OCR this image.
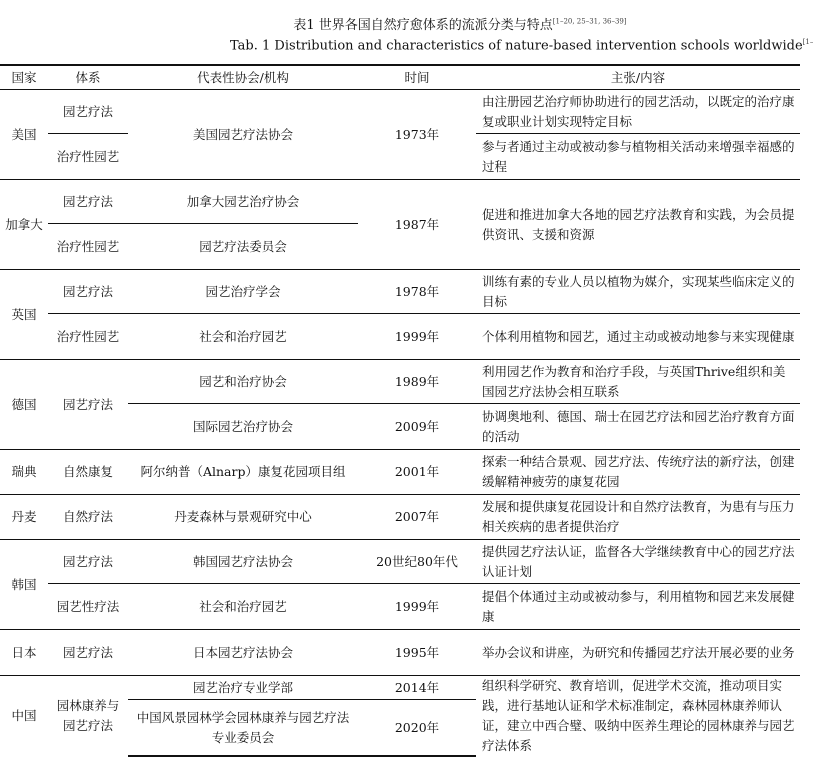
表1 世界各国自然疗愈体系的流派分类与特点[1–20, 25–31, 36–39]
Tab. 1 Distribution and characteristics of nature-based intervention schools worldwide$^{[1-}$
国家	体系	代表性协会/机构	时间	主张/内容
美国	园艺疗法	美国园艺疗法协会	1973年	由注册园艺治疗师协助进行的园艺活动，以既定的治疗康复或职业计划实现特定目标
	治疗性园艺			参与者通过主动或被动参与植物相关活动来增强幸福感的过程
加拿大	园艺疗法	加拿大园艺治疗协会	1987年	促进和推进加拿大各地的园艺疗法教育和实践，为会员提供资讯、支援和资源
	治疗性园艺	园艺疗法委员会		
英国	园艺疗法	园艺治疗学会	1978年	训练有素的专业人员以植物为媒介，实现某些临床定义的目标
	治疗性园艺	社会和治疗园艺	1999年	个体利用植物和园艺，通过主动或被动地参与来实现健康
德国	园艺疗法	园艺和治疗协会	1989年	利用园艺作为教育和治疗手段，与英国Thrive组织和美国园艺疗法协会相互联系
		国际园艺治疗协会	2009年	协调奥地利、德国、瑞士在园艺疗法和园艺治疗教育方面的活动
瑞典	自然康复	阿尔纳普（Alnarp）康复花园项目组	2001年	探索一种结合景观、园艺疗法、传统疗法的新疗法，创建缓解精神疲劳的康复花园
丹麦	自然疗法	丹麦森林与景观研究中心	2007年	发展和提供康复花园设计和自然疗法教育，为患有与压力相关疾病的患者提供治疗
韩国	园艺疗法	韩国园艺疗法协会	20世纪80年代	提供园艺疗法认证，监督各大学继续教育中心的园艺疗法认证计划
	园艺性疗法	社会和治疗园艺	1999年	提倡个体通过主动或被动参与，利用植物和园艺来发展健康
日本	园艺疗法	日本园艺疗法协会	1995年	举办会议和讲座，为研究和传播园艺疗法开展必要的业务
中国	园林康养与园艺疗法	园艺治疗专业学部	2014年	组织科学研究、教育培训，促进学术交流，推动项目实践，进行基地认证和学术标准制定，森林园林康养师认证，建立中西合璧、吸纳中医养生理论的园林康养与园艺疗法体系
		中国风景园林学会园林康养与园艺疗法专业委员会	2020年	
